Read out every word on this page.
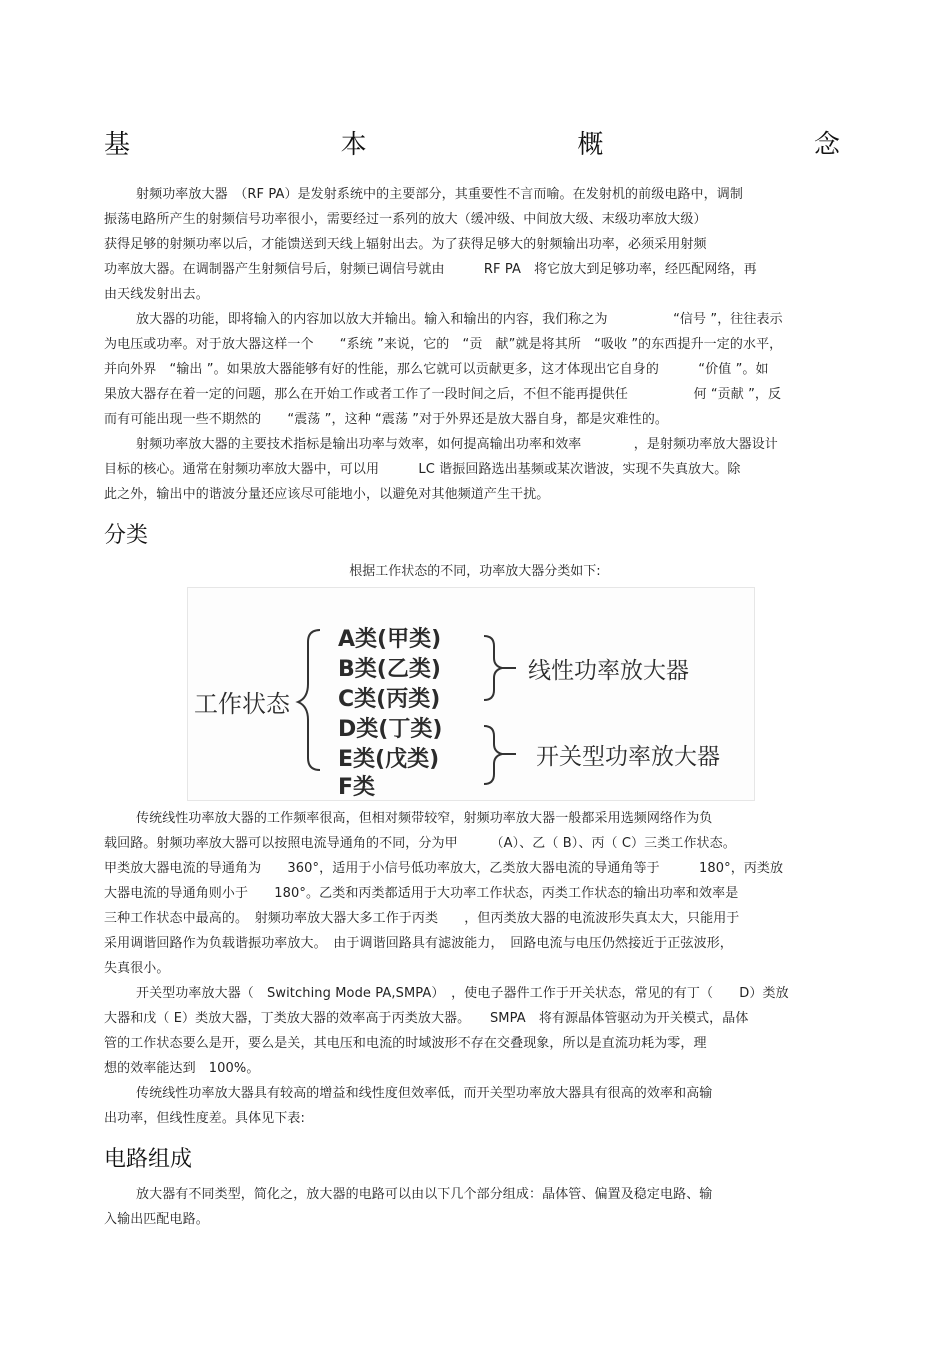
基	本	概	念
射频功率放大器　（RF PA）是发射系统中的主要部分，其重要性不言而喻。在发射机的前级电路中，调制
振荡电路所产生的射频信号功率很小，需要经过一系列的放大（缓冲级、中间放大级、末级功率放大级）
获得足够的射频功率以后，才能馈送到天线上辐射出去。为了获得足够大的射频输出功率，必须采用射频
功率放大器。在调制器产生射频信号后，射频已调信号就由　　　RF PA　将它放大到足够功率，经匹配网络，再
由天线发射出去。
放大器的功能，即将输入的内容加以放大并输出。输入和输出的内容，我们称之为　　　　　“信号 ”，往往表示
为电压或功率。对于放大器这样一个　　“系统 ”来说，它的　“贡　献”就是将其所　“吸收 ”的东西提升一定的水平，
并向外界　“输出 ”。如果放大器能够有好的性能，那么它就可以贡献更多，这才体现出它自身的　　　“价值 ”。如
果放大器存在着一定的问题，那么在开始工作或者工作了一段时间之后，不但不能再提供任　　　　　何 “贡献 ”，反
而有可能出现一些不期然的　　“震荡 ”，这种 “震荡 ”对于外界还是放大器自身，都是灾难性的。
射频功率放大器的主要技术指标是输出功率与效率，如何提高输出功率和效率　　　　，是射频功率放大器设计
目标的核心。通常在射频功率放大器中，可以用　　　LC 谐振回路选出基频或某次谐波，实现不失真放大。除
此之外，输出中的谐波分量还应该尽可能地小，以避免对其他频道产生干扰。
分类
根据工作状态的不同，功率放大器分类如下:
工作状态
A类(甲类)
B类(乙类)
C类(丙类)
D类(丁类)
E类(戊类)
F类
线性功率放大器
开关型功率放大器
传统线性功率放大器的工作频率很高，但相对频带较窄，射频功率放大器一般都采用选频网络作为负
载回路。射频功率放大器可以按照电流导通角的不同，分为甲　　　（A）、乙（ B）、丙（ C）三类工作状态。
甲类放大器电流的导通角为　　360°，适用于小信号低功率放大，乙类放大器电流的导通角等于　　　180°，丙类放
大器电流的导通角则小于　　180°。乙类和丙类都适用于大功率工作状态，丙类工作状态的输出功率和效率是
三种工作状态中最高的。　射频功率放大器大多工作于丙类　　，但丙类放大器的电流波形失真太大，只能用于
采用调谐回路作为负载谐振功率放大。　由于调谐回路具有滤波能力，　回路电流与电压仍然接近于正弦波形，
失真很小。
开关型功率放大器（　Switching Mode PA,SMPA）　，使电子器件工作于开关状态，常见的有丁（　　D）类放
大器和戊（ E）类放大器，丁类放大器的效率高于丙类放大器。　　SMPA　将有源晶体管驱动为开关模式，晶体
管的工作状态要么是开，要么是关，其电压和电流的时域波形不存在交叠现象，所以是直流功耗为零，理
想的效率能达到　100%。
传统线性功率放大器具有较高的增益和线性度但效率低，而开关型功率放大器具有很高的效率和高输
出功率，但线性度差。具体见下表:
电路组成
放大器有不同类型，简化之，放大器的电路可以由以下几个部分组成：晶体管、偏置及稳定电路、输
入输出匹配电路。
